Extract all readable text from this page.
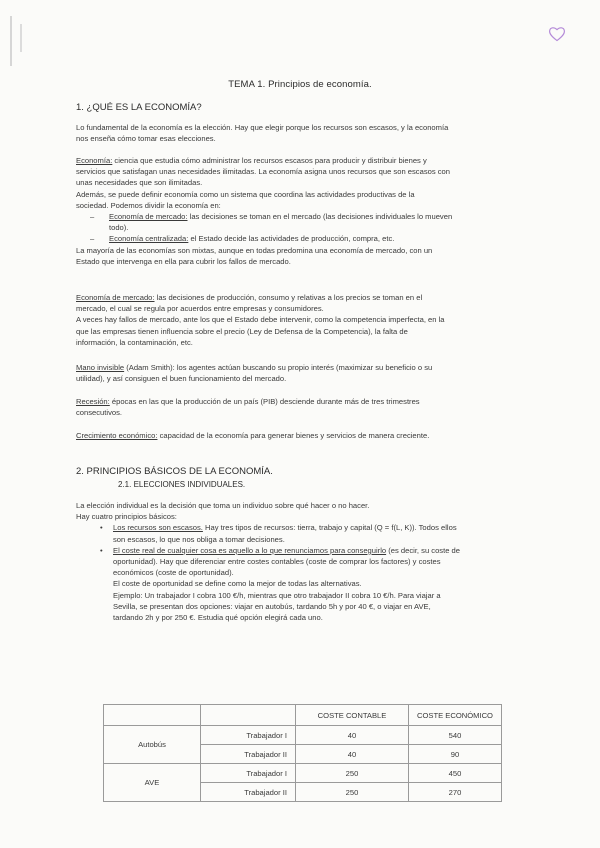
TEMA 1. Principios de economía.
1. ¿QUÉ ES LA ECONOMÍA?

Lo fundamental de la economía es la elección. Hay que elegir porque los recursos son escasos, y la economía

nos enseña cómo tomar esas elecciones.

Economía: ciencia que estudia cómo administrar los recursos escasos para producir y distribuir bienes y

servicios que satisfagan unas necesidades ilimitadas. La economía asigna unos recursos que son escasos con

unas necesidades que son ilimitadas.

Además, se puede definir economía como un sistema que coordina las actividades productivas de la

sociedad. Podemos dividir la economía en:

– Economía de mercado: las decisiones se toman en el mercado (las decisiones individuales lo mueven
todo).
– Economía centralizada: el Estado decide las actividades de producción, compra, etc.

La mayoría de las economías son mixtas, aunque en todas predomina una economía de mercado, con un

Estado que intervenga en ella para cubrir los fallos de mercado.

Economía de mercado: las decisiones de producción, consumo y relativas a los precios se toman en el

mercado, el cual se regula por acuerdos entre empresas y consumidores.

A veces hay fallos de mercado, ante los que el Estado debe intervenir, como la competencia imperfecta, en la

que las empresas tienen influencia sobre el precio (Ley de Defensa de la Competencia), la falta de

información, la contaminación, etc.

Mano invisible (Adam Smith): los agentes actúan buscando su propio interés (maximizar su beneficio o su

utilidad), y así consiguen el buen funcionamiento del mercado.

Recesión: épocas en las que la producción de un país (PIB) desciende durante más de tres trimestres

consecutivos.

Crecimiento económico: capacidad de la economía para generar bienes y servicios de manera creciente.

2. PRINCIPIOS BÁSICOS DE LA ECONOMÍA.
2.1. ELECCIONES INDIVIDUALES.

La elección individual es la decisión que toma un individuo sobre qué hacer o no hacer.

Hay cuatro principios básicos:

• Los recursos son escasos. Hay tres tipos de recursos: tierra, trabajo y capital (Q = f(L, K)). Todos ellos

son escasos, lo que nos obliga a tomar decisiones.

• El coste real de cualquier cosa es aquello a lo que renunciamos para conseguirlo (es decir, su coste de

oportunidad). Hay que diferenciar entre costes contables (coste de comprar los factores) y costes

económicos (coste de oportunidad).

El coste de oportunidad se define como la mejor de todas las alternativas.

Ejemplo: Un trabajador I cobra 100 €/h, mientras que otro trabajador II cobra 10 €/h. Para viajar a

Sevilla, se presentan dos opciones: viajar en autobús, tardando 5h y por 40 €, o viajar en AVE,

tardando 2h y por 250 €. Estudia qué opción elegirá cada uno.

		COSTE CONTABLE	COSTE ECONÓMICO
Autobús	Trabajador I	40	540
	Trabajador II	40	90
AVE	Trabajador I	250	450
	Trabajador II	250	270
